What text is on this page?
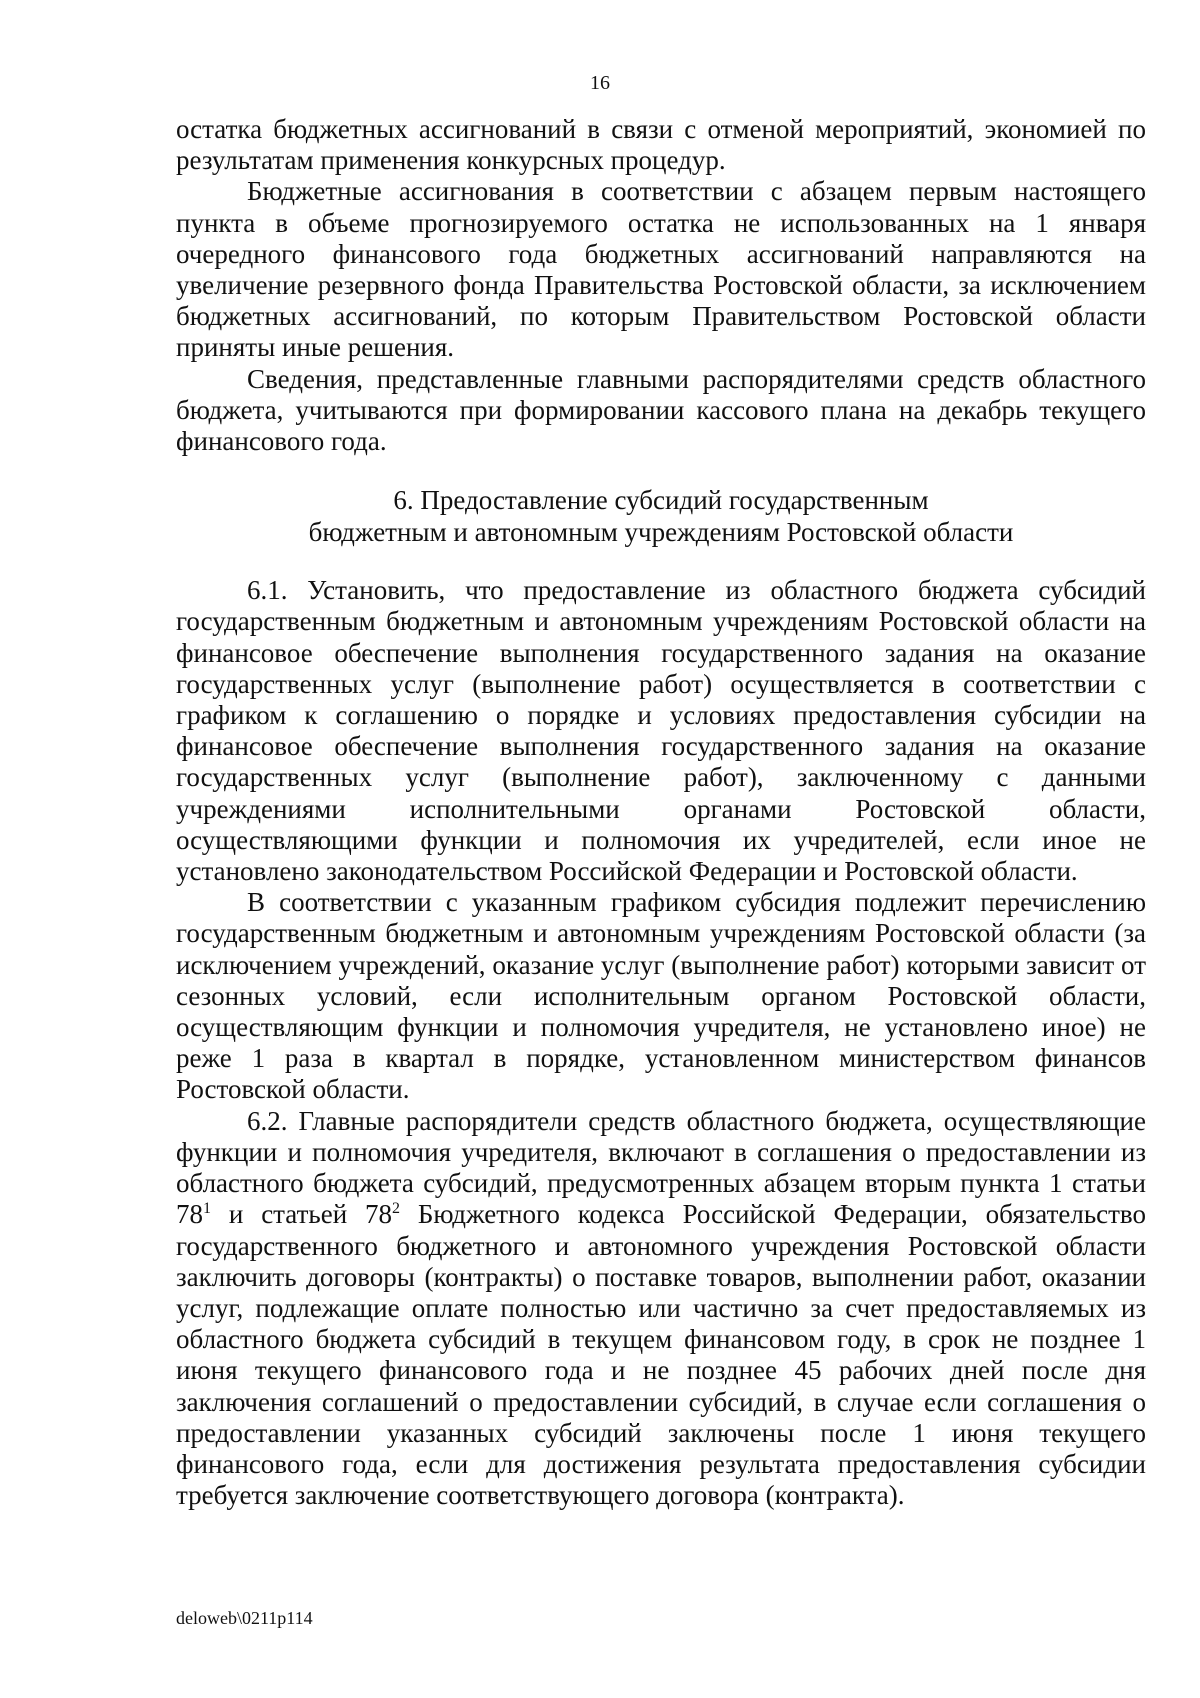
16

остатка бюджетных ассигнований в связи с отменой мероприятий, экономией по результатам применения конкурсных процедур.

Бюджетные ассигнования в соответствии с абзацем первым настоящего пункта в объеме прогнозируемого остатка не использованных на 1 января очередного финансового года бюджетных ассигнований направляются на увеличение резервного фонда Правительства Ростовской области, за исключением бюджетных ассигнований, по которым Правительством Ростовской области приняты иные решения.

Сведения, представленные главными распорядителями средств областного бюджета, учитываются при формировании кассового плана на декабрь текущего финансового года.

6. Предоставление субсидий государственным
бюджетным и автономным учреждениям Ростовской области

6.1. Установить, что предоставление из областного бюджета субсидий государственным бюджетным и автономным учреждениям Ростовской области на финансовое обеспечение выполнения государственного задания на оказание государственных услуг (выполнение работ) осуществляется в соответствии с графиком к соглашению о порядке и условиях предоставления субсидии на финансовое обеспечение выполнения государственного задания на оказание государственных услуг (выполнение работ), заключенному с данными учреждениями исполнительными органами Ростовской области, осуществляющими функции и полномочия их учредителей, если иное не установлено законодательством Российской Федерации и Ростовской области.

В соответствии с указанным графиком субсидия подлежит перечислению государственным бюджетным и автономным учреждениям Ростовской области (за исключением учреждений, оказание услуг (выполнение работ) которыми зависит от сезонных условий, если исполнительным органом Ростовской области, осуществляющим функции и полномочия учредителя, не установлено иное) не реже 1 раза в квартал в порядке, установленном министерством финансов Ростовской области.

6.2. Главные распорядители средств областного бюджета, осуществляющие функции и полномочия учредителя, включают в соглашения о предоставлении из областного бюджета субсидий, предусмотренных абзацем вторым пункта 1 статьи $78^1$ и статьей $78^2$ Бюджетного кодекса Российской Федерации, обязательство государственного бюджетного и автономного учреждения Ростовской области заключить договоры (контракты) о поставке товаров, выполнении работ, оказании услуг, подлежащие оплате полностью или частично за счет предоставляемых из областного бюджета субсидий в текущем финансовом году, в срок не позднее 1 июня текущего финансового года и не позднее 45 рабочих дней после дня заключения соглашений о предоставлении субсидий, в случае если соглашения о предоставлении указанных субсидий заключены после 1 июня текущего финансового года, если для достижения результата предоставления субсидии требуется заключение соответствующего договора (контракта).

deloweb\0211p114
